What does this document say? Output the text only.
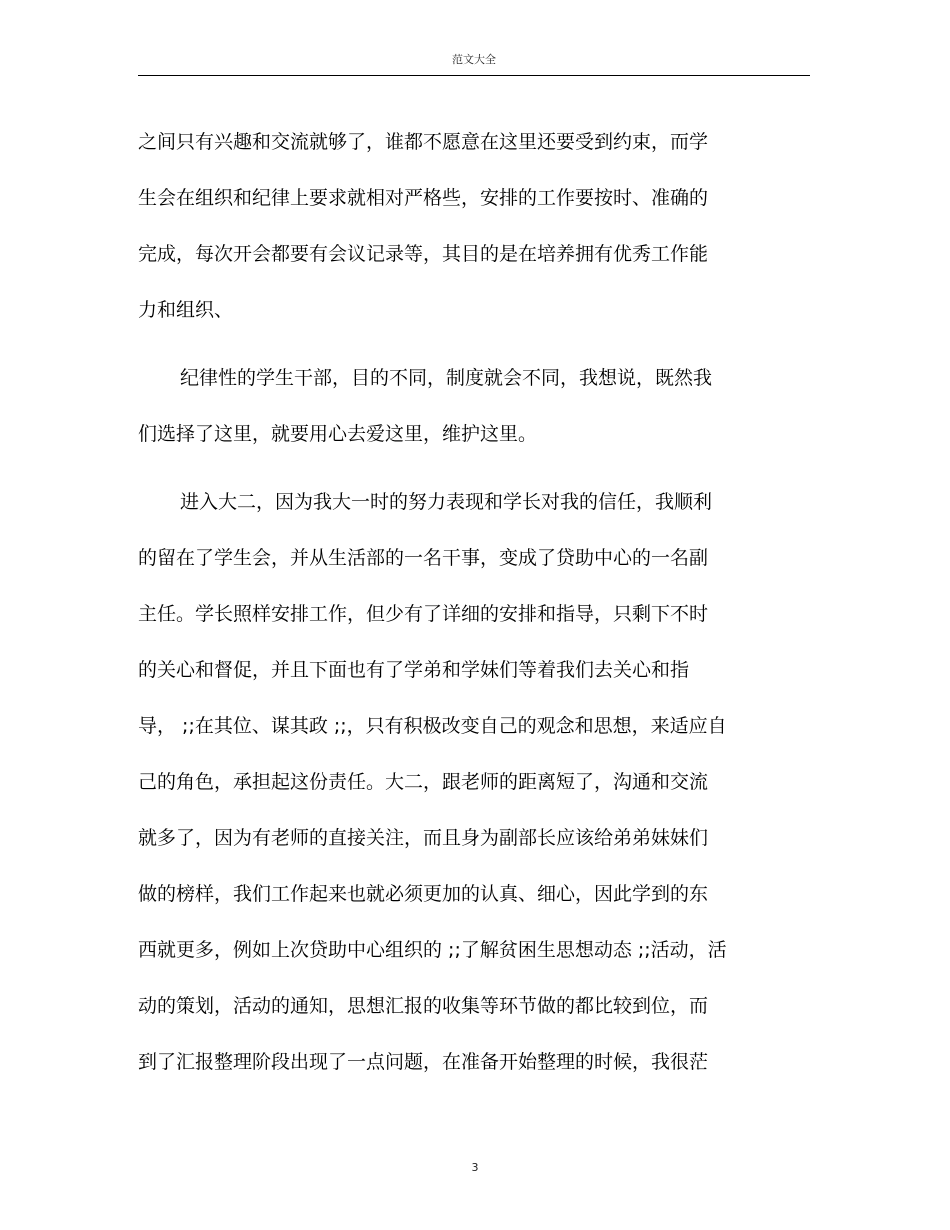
范文大全
之间只有兴趣和交流就够了，谁都不愿意在这里还要受到约束，而学
生会在组织和纪律上要求就相对严格些，安排的工作要按时、准确的
完成，每次开会都要有会议记录等，其目的是在培养拥有优秀工作能
力和组织、
纪律性的学生干部，目的不同，制度就会不同，我想说，既然我
们选择了这里，就要用心去爱这里，维护这里。
进入大二，因为我大一时的努力表现和学长对我的信任，我顺利
的留在了学生会，并从生活部的一名干事，变成了贷助中心的一名副
主任。学长照样安排工作，但少有了详细的安排和指导，只剩下不时
的关心和督促，并且下面也有了学弟和学妹们等着我们去关心和指
导， ;;在其位、谋其政 ;;，只有积极改变自己的观念和思想，来适应自
己的角色，承担起这份责任。大二，跟老师的距离短了，沟通和交流
就多了，因为有老师的直接关注，而且身为副部长应该给弟弟妹妹们
做的榜样，我们工作起来也就必须更加的认真、细心，因此学到的东
西就更多，例如上次贷助中心组织的 ;;了解贫困生思想动态 ;;活动，活
动的策划，活动的通知，思想汇报的收集等环节做的都比较到位，而
到了汇报整理阶段出现了一点问题，在准备开始整理的时候，我很茫
3
